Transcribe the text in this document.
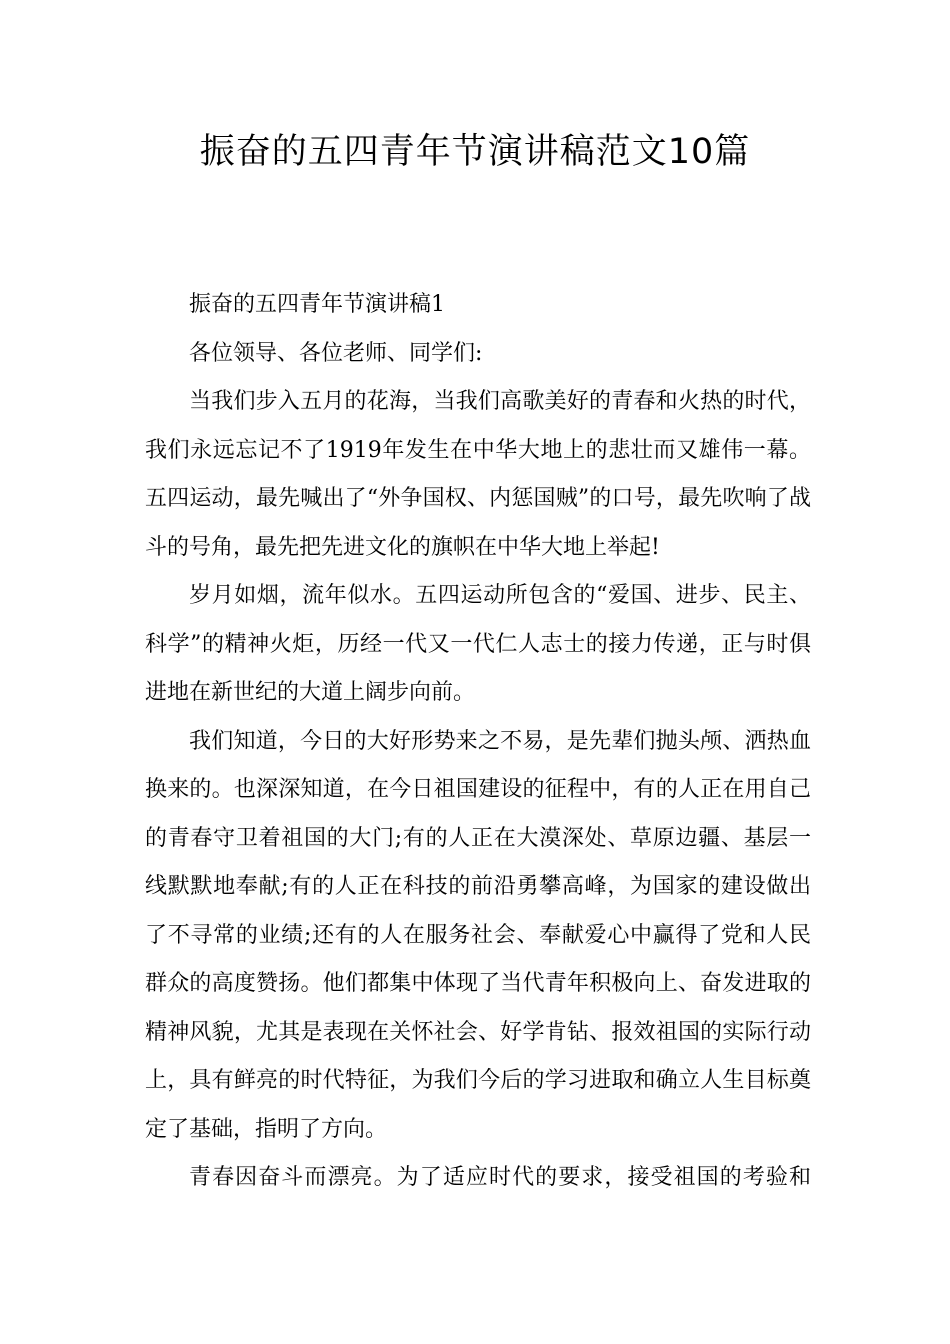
振奋的五四青年节演讲稿范文10篇

振奋的五四青年节演讲稿1

各位领导、各位老师、同学们:

当我们步入五月的花海，当我们高歌美好的青春和火热的时代，我们永远忘记不了1919年发生在中华大地上的悲壮而又雄伟一幕。五四运动，最先喊出了“外争国权、内惩国贼”的口号，最先吹响了战斗的号角，最先把先进文化的旗帜在中华大地上举起!

岁月如烟，流年似水。五四运动所包含的“爱国、进步、民主、科学”的精神火炬，历经一代又一代仁人志士的接力传递，正与时俱进地在新世纪的大道上阔步向前。

我们知道，今日的大好形势来之不易，是先辈们抛头颅、洒热血换来的。也深深知道，在今日祖国建设的征程中，有的人正在用自己的青春守卫着祖国的大门;有的人正在大漠深处、草原边疆、基层一线默默地奉献;有的人正在科技的前沿勇攀高峰，为国家的建设做出了不寻常的业绩;还有的人在服务社会、奉献爱心中赢得了党和人民群众的高度赞扬。他们都集中体现了当代青年积极向上、奋发进取的精神风貌，尤其是表现在关怀社会、好学肯钻、报效祖国的实际行动上，具有鲜亮的时代特征，为我们今后的学习进取和确立人生目标奠定了基础，指明了方向。

青春因奋斗而漂亮。为了适应时代的要求，接受祖国的考验和
